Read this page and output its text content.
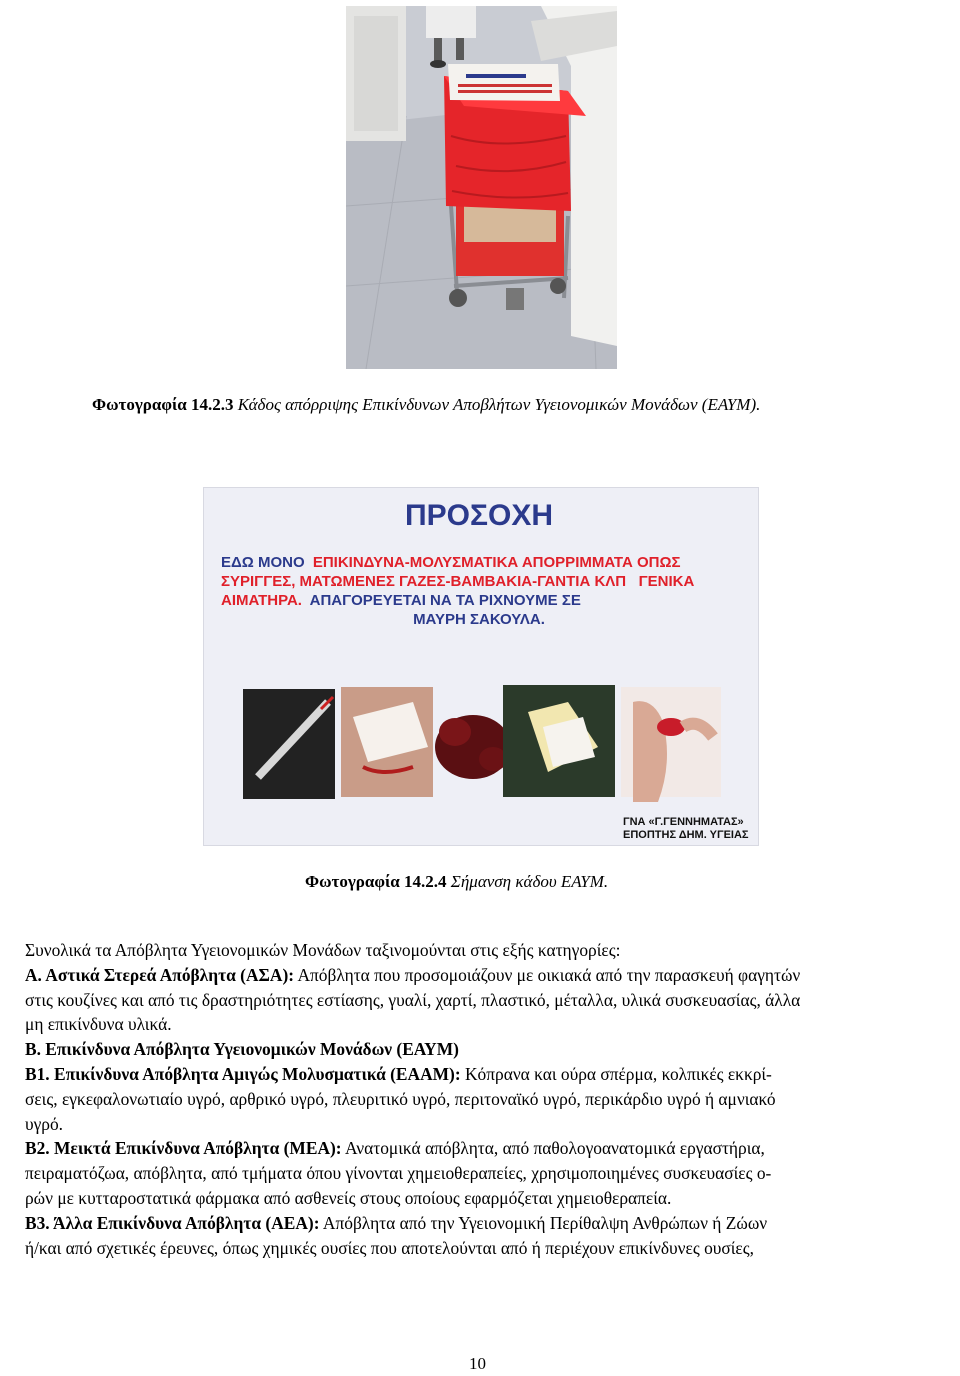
Φωτογραφία 14.2.3 Κάδος απόρριψης Επικίνδυνων Αποβλήτων Υγειονομικών Μονάδων (ΕΑΥΜ).
ΠΡΟΣΟΧΗ
ΕΔΩ ΜΟΝΟ ΕΠΙΚΙΝΔΥΝΑ-ΜΟΛΥΣΜΑΤΙΚΑ ΑΠΟΡΡΙΜΜΑΤΑ ΟΠΩΣ
ΣΥΡΙΓΓΕΣ, ΜΑΤΩΜΕΝΕΣ ΓΑΖΕΣ-ΒΑΜΒΑΚΙΑ-ΓΑΝΤΙΑ ΚΛΠ   ΓΕΝΙΚΑ
ΑΙΜΑΤΗΡΑ. ΑΠΑΓΟΡΕΥΕΤΑΙ ΝΑ ΤΑ ΡΙΧΝΟΥΜΕ ΣΕ
ΜΑΥΡΗ ΣΑΚΟΥΛΑ.
ΓΝΑ «Γ.ΓΕΝΝΗΜΑΤΑΣ»
ΕΠΟΠΤΗΣ ΔΗΜ. ΥΓΕΙΑΣ
Φωτογραφία 14.2.4 Σήμανση κάδου ΕΑΥΜ.
Συνολικά τα Απόβλητα Υγειονομικών Μονάδων ταξινομούνται στις εξής κατηγορίες:
Α. Αστικά Στερεά Απόβλητα (ΑΣΑ): Απόβλητα που προσομοιάζουν με οικιακά από την παρασκευή φαγητών
στις κουζίνες και από τις δραστηριότητες εστίασης, γυαλί, χαρτί, πλαστικό, μέταλλα, υλικά συσκευασίας, άλλα
μη επικίνδυνα υλικά.
Β. Επικίνδυνα Απόβλητα Υγειονομικών Μονάδων (ΕΑΥΜ)
Β1. Επικίνδυνα Απόβλητα Αμιγώς Μολυσματικά (ΕΑΑΜ): Κόπρανα και ούρα σπέρμα, κολπικές εκκρί-
σεις, εγκεφαλονωτιαίο υγρό, αρθρικό υγρό, πλευριτικό υγρό, περιτοναϊκό υγρό, περικάρδιο υγρό ή αμνιακό
υγρό.
Β2. Μεικτά Επικίνδυνα Απόβλητα (ΜΕΑ): Ανατομικά απόβλητα, από παθολογοανατομικά εργαστήρια,
πειραματόζωα, απόβλητα, από τμήματα όπου γίνονται χημειοθεραπείες, χρησιμοποιημένες συσκευασίες ο-
ρών με κυτταροστατικά φάρμακα από ασθενείς στους οποίους εφαρμόζεται χημειοθεραπεία.
Β3. Άλλα Επικίνδυνα Απόβλητα (ΑΕΑ): Απόβλητα από την Υγειονομική Περίθαλψη Ανθρώπων ή Ζώων
ή/και από σχετικές έρευνες, όπως χημικές ουσίες που αποτελούνται από ή περιέχουν επικίνδυνες ουσίες,
10
